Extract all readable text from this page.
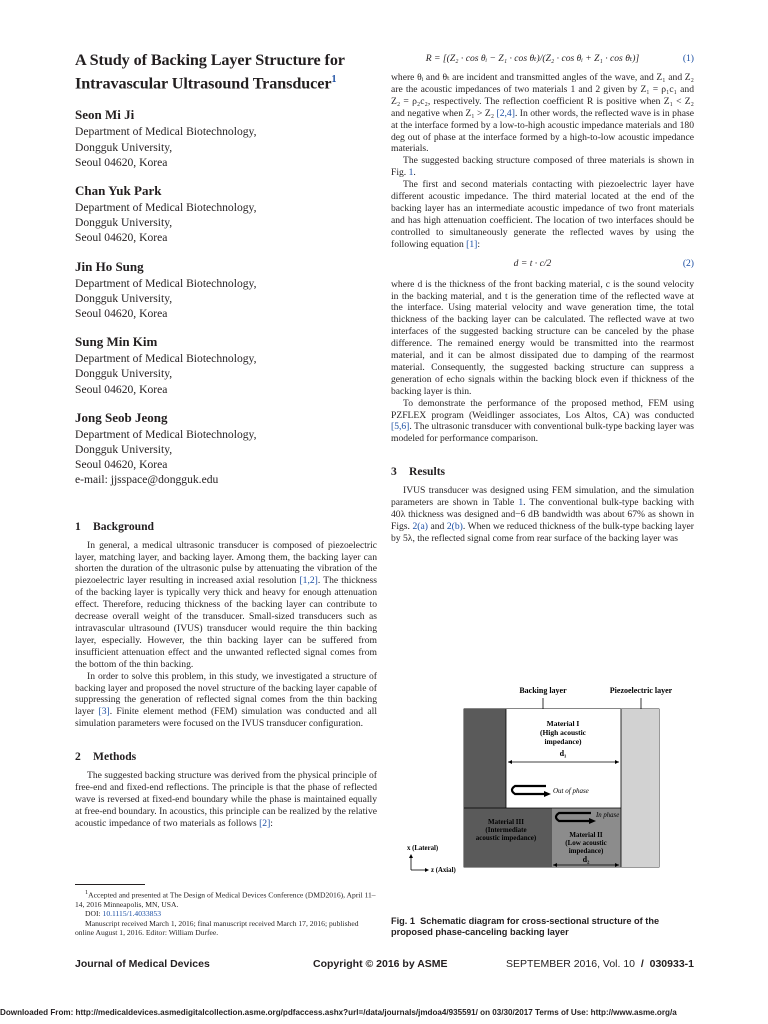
A Study of Backing Layer Structure for
Intravascular Ultrasound Transducer$^1$
Seon Mi Ji
Department of Medical Biotechnology,
Dongguk University,
Seoul 04620, Korea
Chan Yuk Park
Department of Medical Biotechnology,
Dongguk University,
Seoul 04620, Korea
Jin Ho Sung
Department of Medical Biotechnology,
Dongguk University,
Seoul 04620, Korea
Sung Min Kim
Department of Medical Biotechnology,
Dongguk University,
Seoul 04620, Korea
Jong Seob Jeong
Department of Medical Biotechnology,
Dongguk University,
Seoul 04620, Korea
e-mail: jjsspace@dongguk.edu
1 Background

In general, a medical ultrasonic transducer is composed of piezoelectric layer, matching layer, and backing layer. Among them, the backing layer can shorten the duration of the ultrasonic pulse by attenuating the vibration of the piezoelectric layer resulting in increased axial resolution [1,2]. The thickness of the backing layer is typically very thick and heavy for enough attenuation effect. Therefore, reducing thickness of the backing layer can contribute to decrease overall weight of the transducer. Small-sized transducers such as intravascular ultrasound (IVUS) transducer would require the thin backing layer, especially. However, the thin backing layer can be suffered from insufficient attenuation effect and the unwanted reflected signal comes from the bottom of the thin backing.

In order to solve this problem, in this study, we investigated a structure of backing layer and proposed the novel structure of the backing layer capable of suppressing the generation of reflected signal comes from the thin backing layer [3]. Finite element method (FEM) simulation was conducted and all simulation parameters were focused on the IVUS transducer configuration.

2 Methods

The suggested backing structure was derived from the physical principle of free-end and fixed-end reflections. The principle is that the phase of reflected wave is reversed at fixed-end boundary while the phase is maintained equally at free-end boundary. In acoustics, this principle can be realized by the relative acoustic impedance of two materials as follows [2]:

$^1$Accepted and presented at The Design of Medical Devices Conference (DMD2016), April 11–14, 2016 Minneapolis, MN, USA.
DOI: 10.1115/1.4033853
Manuscript received March 1, 2016; final manuscript received March 17, 2016; published online August 1, 2016. Editor: William Durfee.
R = [(Z₂ · cos θᵢ − Z₁ · cos θₜ)/(Z₂ · cos θᵢ + Z₁ · cos θₜ)]	(1)

where θᵢ and θₜ are incident and transmitted angles of the wave, and Z₁ and Z₂ are the acoustic impedances of two materials 1 and 2 given by Z₁ = ρ₁c₁ and Z₂ = ρ₂c₂, respectively. The reflection coefficient R is positive when Z₁ < Z₂ and negative when Z₁ > Z₂ [2,4]. In other words, the reflected wave is in phase at the interface formed by a low-to-high acoustic impedance materials and 180 deg out of phase at the interface formed by a high-to-low acoustic impedance materials.

The suggested backing structure composed of three materials is shown in Fig. 1.

The first and second materials contacting with piezoelectric layer have different acoustic impedance. The third material located at the end of the backing layer has an intermediate acoustic impedance of two front materials and has high attenuation coefficient. The location of two interfaces should be controlled to simultaneously generate the reflected waves by using the following equation [1]:

d = t · c/2	(2)

where d is the thickness of the front backing material, c is the sound velocity in the backing material, and t is the generation time of the reflected wave at the interface. Using material velocity and wave generation time, the total thickness of the backing layer can be calculated. The reflected wave at two interfaces of the suggested backing structure can be canceled by the phase difference. The remained energy would be transmitted into the rearmost material, and it can be almost dissipated due to damping of the rearmost material. Consequently, the suggested backing structure can suppress a generation of echo signals within the backing block even if thickness of the backing layer is thin.

To demonstrate the performance of the proposed method, FEM using PZFLEX program (Weidlinger associates, Los Altos, CA) was conducted [5,6]. The ultrasonic transducer with conventional bulk-type backing layer was modeled for performance comparison.

3 Results

IVUS transducer was designed using FEM simulation, and the simulation parameters are shown in Table 1. The conventional bulk-type backing with 40λ thickness was designed and−6 dB bandwidth was about 67% as shown in Figs. 2(a) and 2(b). When we reduced thickness of the bulk-type backing layer by 5λ, the reflected signal come from rear surface of the backing layer was

Backing layer	Piezoelectric layer
Material I
(High acoustic
impedance)
d₁
Out of phase
In phase
Material III
(Intermediate
acoustic impedance)	Material II
(Low acoustic
impedance)
d₂
x (Lateral)
z (Axial)
Fig. 1 Schematic diagram for cross-sectional structure of the proposed phase-canceling backing layer
Journal of Medical Devices	Copyright © 2016 by ASME	SEPTEMBER 2016, Vol. 10 / 030933-1
Downloaded From: http://medicaldevices.asmedigitalcollection.asme.org/pdfaccess.ashx?url=/data/journals/jmdoa4/935591/ on 03/30/2017 Terms of Use: http://www.asme.org/a
